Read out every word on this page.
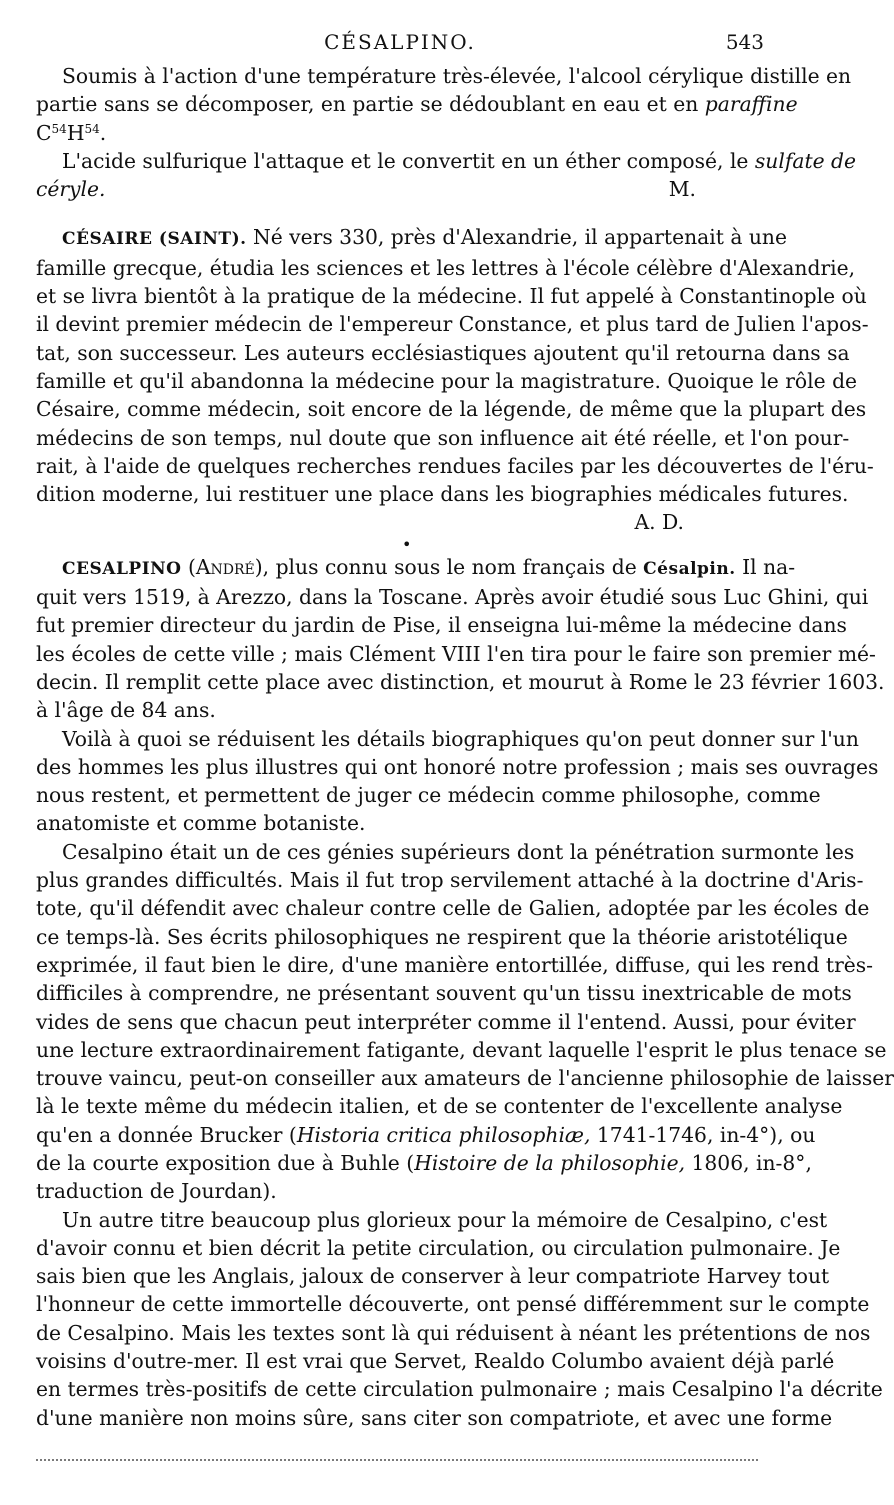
CÉSALPINO.	543

Soumis à l'action d'une température très-élevée, l'alcool cérylique distille en
partie sans se décomposer, en partie se dédoublant en eau et en paraffine
$C^{54}H^{54}$.

L'acide sulfurique l'attaque et le convertit en un éther composé, le sulfate de
céryle.	M.

CÉSAIRE (SAINT). Né vers 330, près d'Alexandrie, il appartenait à une
famille grecque, étudia les sciences et les lettres à l'école célèbre d'Alexandrie,
et se livra bientôt à la pratique de la médecine. Il fut appelé à Constantinople où
il devint premier médecin de l'empereur Constance, et plus tard de Julien l'apos-
tat, son successeur. Les auteurs ecclésiastiques ajoutent qu'il retourna dans sa
famille et qu'il abandonna la médecine pour la magistrature. Quoique le rôle de
Césaire, comme médecin, soit encore de la légende, de même que la plupart des
médecins de son temps, nul doute que son influence ait été réelle, et l'on pour-
rait, à l'aide de quelques recherches rendues faciles par les découvertes de l'éru-
dition moderne, lui restituer une place dans les biographies médicales futures.
A. D.

•

CESALPINO (André), plus connu sous le nom français de Césalpin. Il na-
quit vers 1519, à Arezzo, dans la Toscane. Après avoir étudié sous Luc Ghini, qui
fut premier directeur du jardin de Pise, il enseigna lui-même la médecine dans
les écoles de cette ville ; mais Clément VIII l'en tira pour le faire son premier mé-
decin. Il remplit cette place avec distinction, et mourut à Rome le 23 février 1603.
à l'âge de 84 ans.

Voilà à quoi se réduisent les détails biographiques qu'on peut donner sur l'un
des hommes les plus illustres qui ont honoré notre profession ; mais ses ouvrages
nous restent, et permettent de juger ce médecin comme philosophe, comme
anatomiste et comme botaniste.

Cesalpino était un de ces génies supérieurs dont la pénétration surmonte les
plus grandes difficultés. Mais il fut trop servilement attaché à la doctrine d'Aris-
tote, qu'il défendit avec chaleur contre celle de Galien, adoptée par les écoles de
ce temps-là. Ses écrits philosophiques ne respirent que la théorie aristotélique
exprimée, il faut bien le dire, d'une manière entortillée, diffuse, qui les rend très-
difficiles à comprendre, ne présentant souvent qu'un tissu inextricable de mots
vides de sens que chacun peut interpréter comme il l'entend. Aussi, pour éviter
une lecture extraordinairement fatigante, devant laquelle l'esprit le plus tenace se
trouve vaincu, peut-on conseiller aux amateurs de l'ancienne philosophie de laisser
là le texte même du médecin italien, et de se contenter de l'excellente analyse
qu'en a donnée Brucker (Historia critica philosophiæ, 1741-1746, in-4°), ou
de la courte exposition due à Buhle (Histoire de la philosophie, 1806, in-8°,
traduction de Jourdan).

Un autre titre beaucoup plus glorieux pour la mémoire de Cesalpino, c'est
d'avoir connu et bien décrit la petite circulation, ou circulation pulmonaire. Je
sais bien que les Anglais, jaloux de conserver à leur compatriote Harvey tout
l'honneur de cette immortelle découverte, ont pensé différemment sur le compte
de Cesalpino. Mais les textes sont là qui réduisent à néant les prétentions de nos
voisins d'outre-mer. Il est vrai que Servet, Realdo Columbo avaient déjà parlé
en termes très-positifs de cette circulation pulmonaire ; mais Cesalpino l'a décrite
d'une manière non moins sûre, sans citer son compatriote, et avec une forme
